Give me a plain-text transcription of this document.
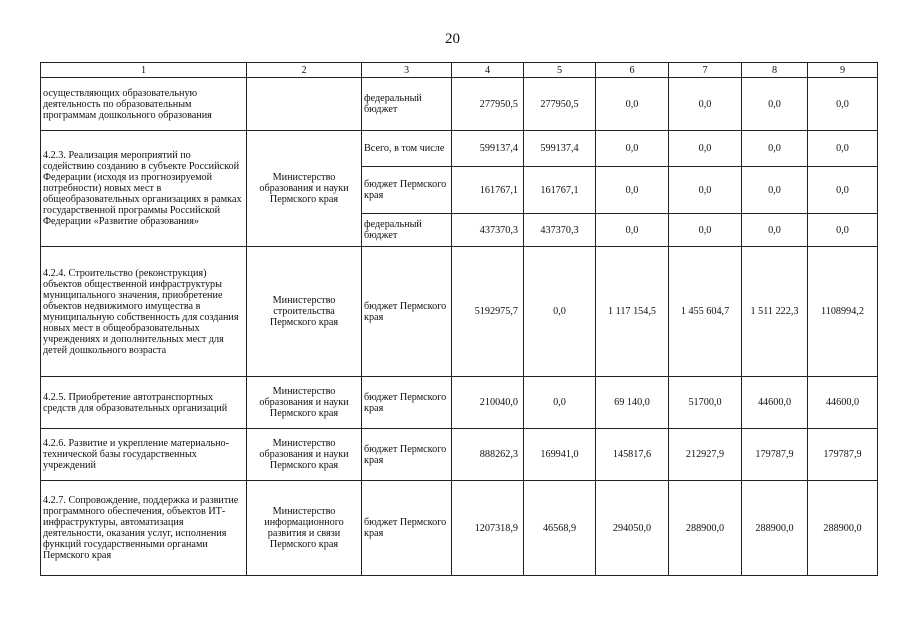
20
1	2	3	4	5	6	7	8	9
осуществляющих образовательную деятельность по образовательным программам дошкольного образования		федеральный бюджет	277950,5	277950,5	0,0	0,0	0,0	0,0
4.2.3. Реализация мероприятий по содействию созданию в субъекте Российской Федерации (исходя из прогнозируемой потребности) новых мест в общеобразовательных организациях в рамках государственной программы Российской Федерации «Развитие образования»	Министерство образования и науки Пермского края	Всего, в том числе	599137,4	599137,4	0,0	0,0	0,0	0,0
		бюджет Пермского края	161767,1	161767,1	0,0	0,0	0,0	0,0
		федеральный бюджет	437370,3	437370,3	0,0	0,0	0,0	0,0
4.2.4. Строительство (реконструкция) объектов общественной инфраструктуры муниципального значения, приобретение объектов недвижимого имущества в муниципальную собственность для создания новых мест в общеобразовательных учреждениях и дополнительных мест для детей дошкольного возраста	Министерство строительства Пермского края	бюджет Пермского края	5192975,7	0,0	1 117 154,5	1 455 604,7	1 511 222,3	1108994,2
4.2.5. Приобретение автотранспортных средств для образовательных организаций	Министерство образования и науки Пермского края	бюджет Пермского края	210040,0	0,0	69 140,0	51700,0	44600,0	44600,0
4.2.6. Развитие и укрепление материально-технической базы государственных учреждений	Министерство образования и науки Пермского края	бюджет Пермского края	888262,3	169941,0	145817,6	212927,9	179787,9	179787,9
4.2.7. Сопровождение, поддержка и развитие программного обеспечения, объектов ИТ-инфраструктуры, автоматизация деятельности, оказания услуг, исполнения функций государственными органами Пермского края	Министерство информационного развития и связи Пермского края	бюджет Пермского края	1207318,9	46568,9	294050,0	288900,0	288900,0	288900,0
